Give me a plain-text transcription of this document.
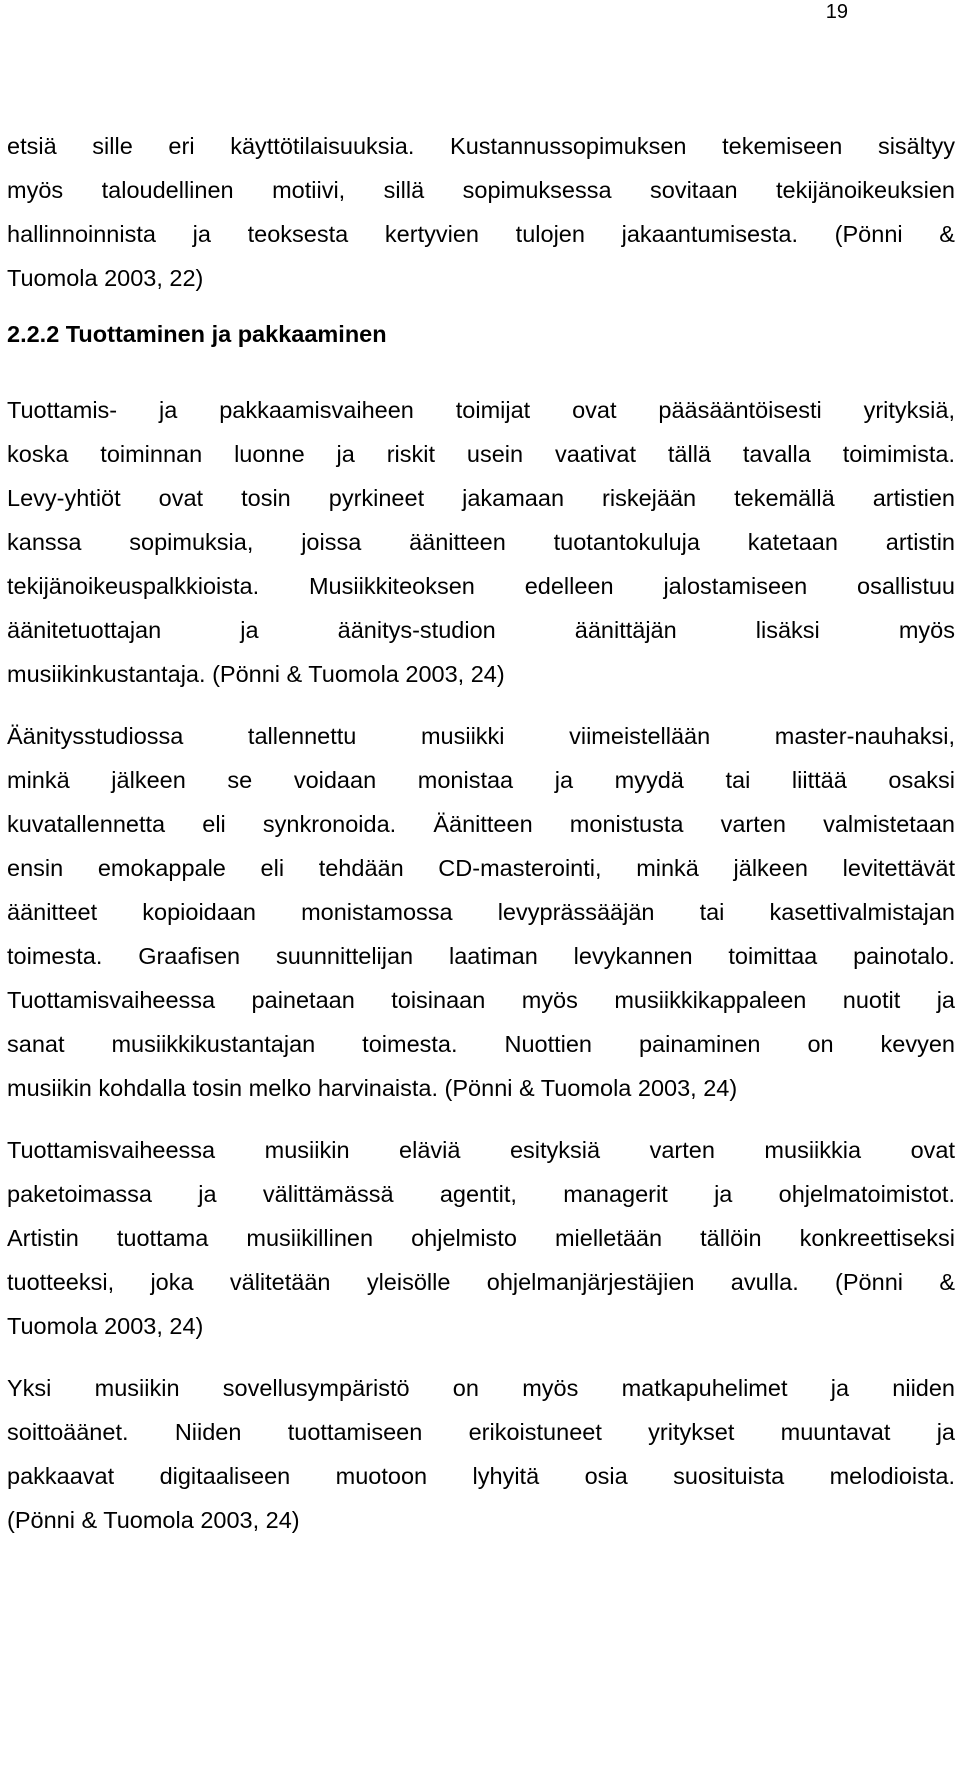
19
etsiä sille eri käyttötilaisuuksia. Kustannussopimuksen tekemiseen sisältyy
myös taloudellinen motiivi, sillä sopimuksessa sovitaan tekijänoikeuksien
hallinnoinnista ja teoksesta kertyvien tulojen jakaantumisesta. (Pönni &
Tuomola 2003, 22)
2.2.2 Tuottaminen ja pakkaaminen
Tuottamis- ja pakkaamisvaiheen toimijat ovat pääsääntöisesti yrityksiä,
koska toiminnan luonne ja riskit usein vaativat tällä tavalla toimimista.
Levy-yhtiöt ovat tosin pyrkineet jakamaan riskejään tekemällä artistien
kanssa sopimuksia, joissa äänitteen tuotantokuluja katetaan artistin
tekijänoikeuspalkkioista. Musiikkiteoksen edelleen jalostamiseen osallistuu
äänitetuottajan ja äänitys-studion äänittäjän lisäksi myös
musiikinkustantaja. (Pönni & Tuomola 2003, 24)
Äänitysstudiossa tallennettu musiikki viimeistellään master-nauhaksi,
minkä jälkeen se voidaan monistaa ja myydä tai liittää osaksi
kuvatallennetta eli synkronoida. Äänitteen monistusta varten valmistetaan
ensin emokappale eli tehdään CD-masterointi, minkä jälkeen levitettävät
äänitteet kopioidaan monistamossa levyprässääjän tai kasettivalmistajan
toimesta. Graafisen suunnittelijan laatiman levykannen toimittaa painotalo.
Tuottamisvaiheessa painetaan toisinaan myös musiikkikappaleen nuotit ja
sanat musiikkikustantajan toimesta. Nuottien painaminen on kevyen
musiikin kohdalla tosin melko harvinaista. (Pönni & Tuomola 2003, 24)
Tuottamisvaiheessa musiikin eläviä esityksiä varten musiikkia ovat
paketoimassa ja välittämässä agentit, managerit ja ohjelmatoimistot.
Artistin tuottama musiikillinen ohjelmisto mielletään tällöin konkreettiseksi
tuotteeksi, joka välitetään yleisölle ohjelmanjärjestäjien avulla. (Pönni &
Tuomola 2003, 24)
Yksi musiikin sovellusympäristö on myös matkapuhelimet ja niiden
soittoäänet. Niiden tuottamiseen erikoistuneet yritykset muuntavat ja
pakkaavat digitaaliseen muotoon lyhyitä osia suosituista melodioista.
(Pönni & Tuomola 2003, 24)
